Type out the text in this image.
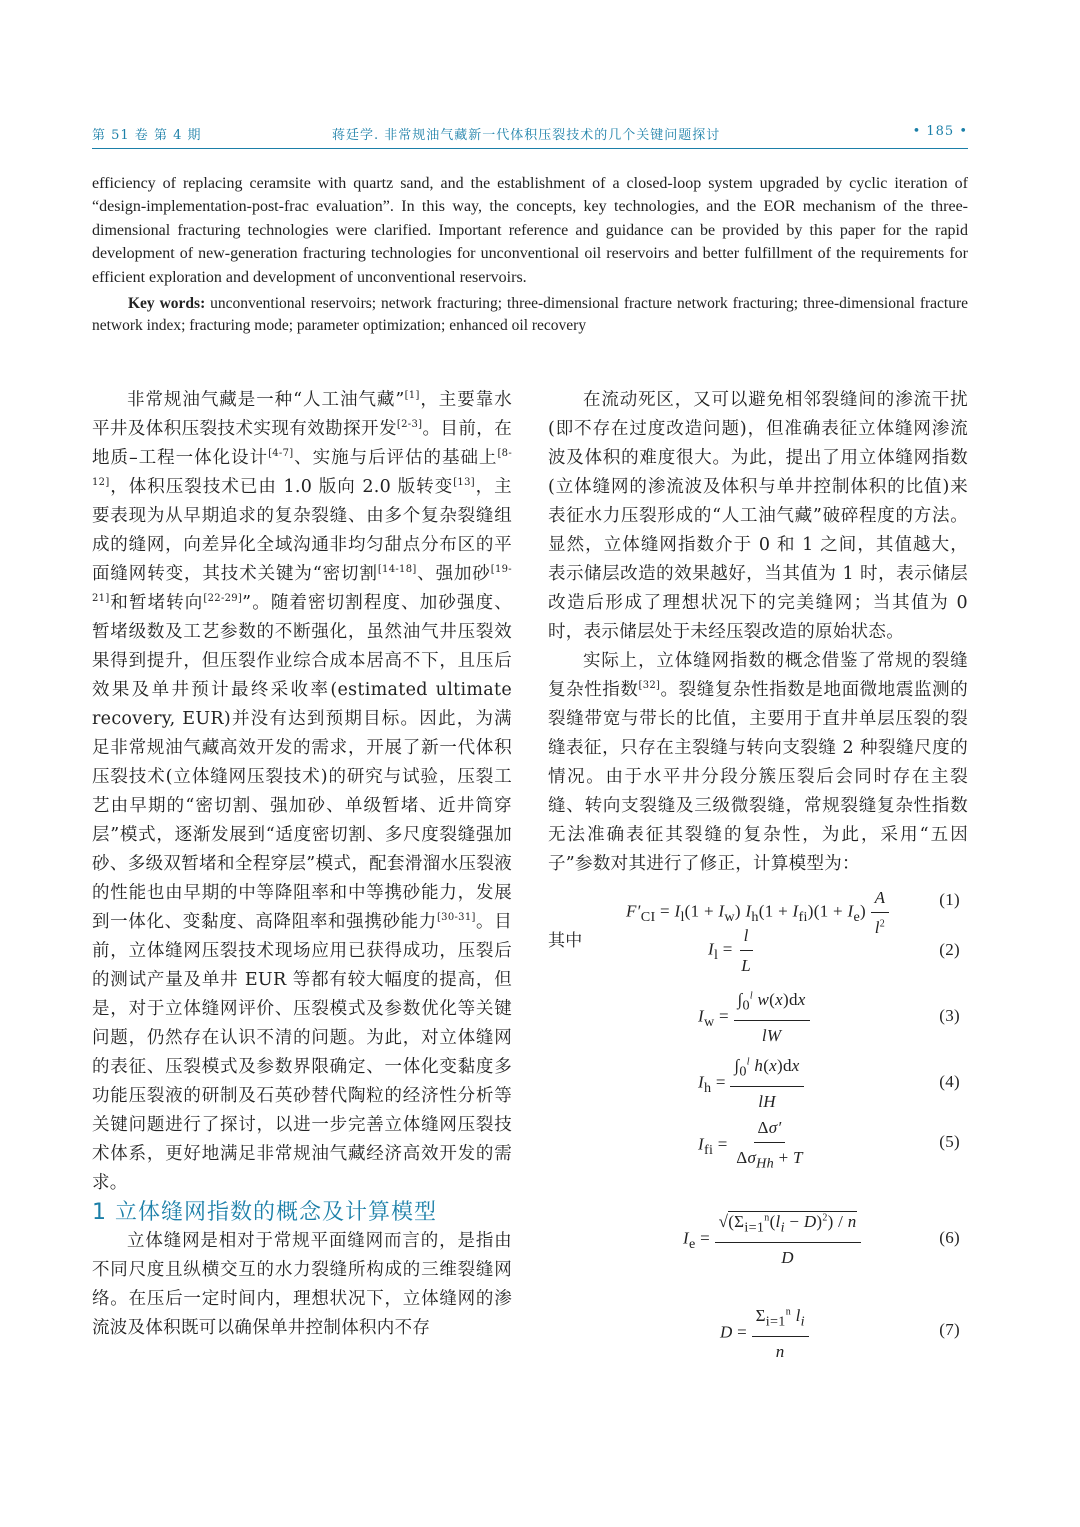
第 51 卷 第 4 期	蒋廷学. 非常规油气藏新一代体积压裂技术的几个关键问题探讨	• 185 •

efficiency of replacing ceramsite with quartz sand, and the establishment of a closed-loop system upgraded by cyclic iteration of “design-implementation-post-frac evaluation”. In this way, the concepts, key technologies, and the EOR mechanism of the three-dimensional fracturing technologies were clarified. Important reference and guidance can be provided by this paper for the rapid development of new-generation fracturing technologies for unconventional oil reservoirs and better fulfillment of the requirements for efficient exploration and development of unconventional reservoirs.

Key words: unconventional reservoirs; network fracturing; three-dimensional fracture network fracturing; three-dimensional fracture network index; fracturing mode; parameter optimization; enhanced oil recovery

非常规油气藏是一种“人工油气藏”[1]，主要靠水平井及体积压裂技术实现有效勘探开发[2-3]。目前，在地质–工程一体化设计[4-7]、实施与后评估的基础上[8-12]，体积压裂技术已由 1.0 版向 2.0 版转变[13]，主要表现为从早期追求的复杂裂缝、由多个复杂裂缝组成的缝网，向差异化全域沟通非均匀甜点分布区的平面缝网转变，其技术关键为“密切割[14-18]、强加砂[19-21]和暂堵转向[22-29]”。随着密切割程度、加砂强度、暂堵级数及工艺参数的不断强化，虽然油气井压裂效果得到提升，但压裂作业综合成本居高不下，且压后效果及单井预计最终采收率(estimated ultimate recovery, EUR)并没有达到预期目标。因此，为满足非常规油气藏高效开发的需求，开展了新一代体积压裂技术(立体缝网压裂技术)的研究与试验，压裂工艺由早期的“密切割、强加砂、单级暂堵、近井筒穿层”模式，逐渐发展到“适度密切割、多尺度裂缝强加砂、多级双暂堵和全程穿层”模式，配套滑溜水压裂液的性能也由早期的中等降阻率和中等携砂能力，发展到一体化、变黏度、高降阻率和强携砂能力[30-31]。目前，立体缝网压裂技术现场应用已获得成功，压裂后的测试产量及单井 EUR 等都有较大幅度的提高，但是，对于立体缝网评价、压裂模式及参数优化等关键问题，仍然存在认识不清的问题。为此，对立体缝网的表征、压裂模式及参数界限确定、一体化变黏度多功能压裂液的研制及石英砂替代陶粒的经济性分析等关键问题进行了探讨，以进一步完善立体缝网压裂技术体系，更好地满足非常规油气藏经济高效开发的需求。

1 立体缝网指数的概念及计算模型

立体缝网是相对于常规平面缝网而言的，是指由不同尺度且纵横交互的水力裂缝所构成的三维裂缝网络。在压后一定时间内，理想状况下，立体缝网的渗流波及体积既可以确保单井控制体积内不存

在流动死区，又可以避免相邻裂缝间的渗流干扰(即不存在过度改造问题)，但准确表征立体缝网渗流波及体积的难度很大。为此，提出了用立体缝网指数(立体缝网的渗流波及体积与单井控制体积的比值)来表征水力压裂形成的“人工油气藏”破碎程度的方法。显然，立体缝网指数介于 0 和 1 之间，其值越大，表示储层改造的效果越好，当其值为 1 时，表示储层改造后形成了理想状况下的完美缝网；当其值为 0 时，表示储层处于未经压裂改造的原始状态。

实际上，立体缝网指数的概念借鉴了常规的裂缝复杂性指数[32]。裂缝复杂性指数是地面微地震监测的裂缝带宽与带长的比值，主要用于直井单层压裂的裂缝表征，只存在主裂缝与转向支裂缝 2 种裂缝尺度的情况。由于水平井分段分簇压裂后会同时存在主裂缝、转向支裂缝及三级微裂缝，常规裂缝复杂性指数无法准确表征其裂缝的复杂性，为此，采用“五因子”参数对其进行了修正，计算模型为：

$F'_{CI} = I_l(1 + I_w) I_h(1 + I_{fi})(1 + I_e) \frac{A}{l^2}$	(1)
其中	$I_l = \frac{l}{L}$	(2)
$I_w = \frac{\int_0^l w(x)dx}{lW}$	(3)
$I_h = \frac{\int_0^l h(x)dx}{lH}$	(4)
$I_{fi} = \frac{\Delta\sigma'}{\Delta\sigma_{Hh} + T}$	(5)
$I_e = \frac{√(\Sigma_{i=1}^n(l_i - D)^2) / n}{D}$	(6)
$D = \frac{\Sigma_{i=1}^n l_i}{n}$	(7)
